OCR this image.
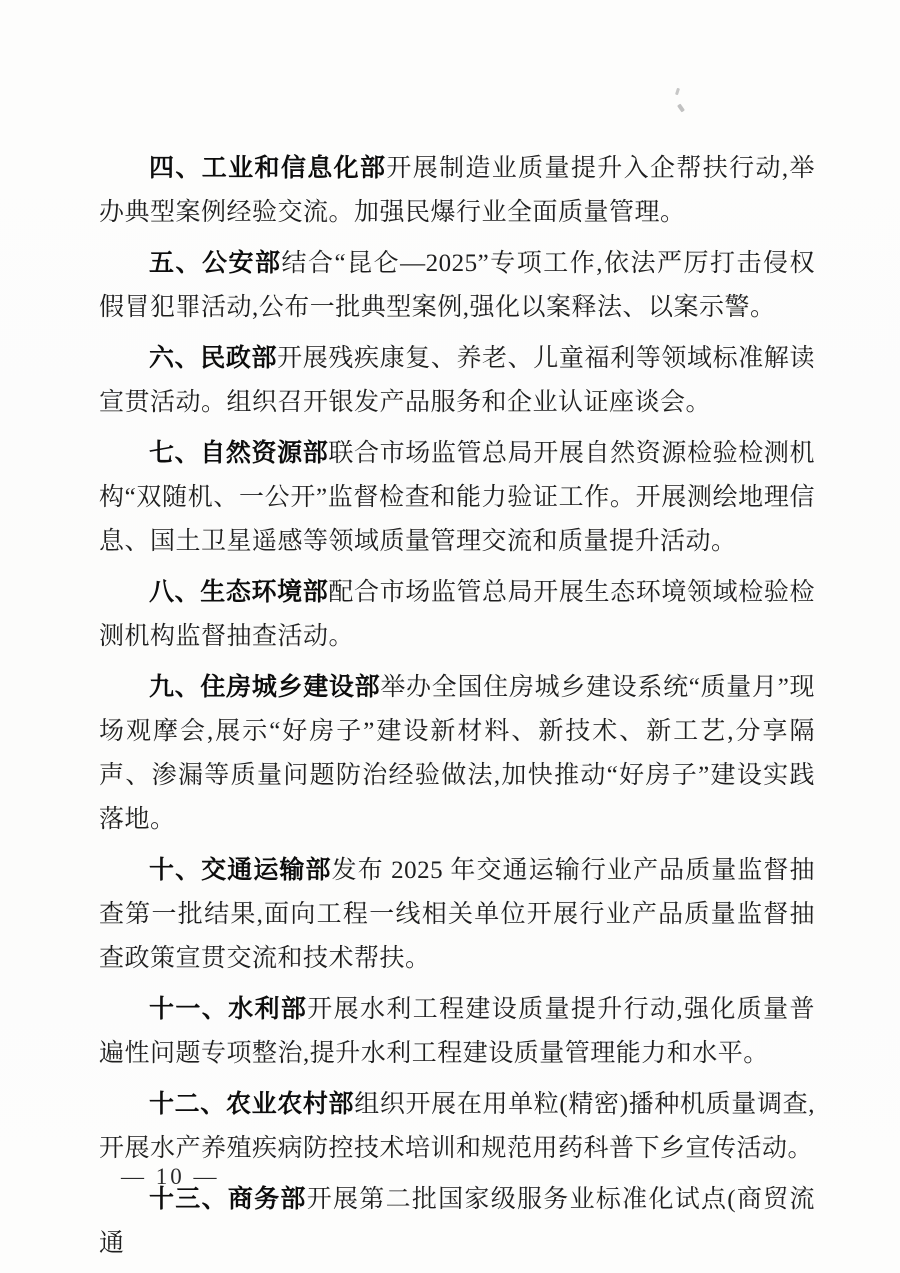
四、工业和信息化部开展制造业质量提升入企帮扶行动,举办典型案例经验交流。加强民爆行业全面质量管理。

五、公安部结合“昆仑—2025”专项工作,依法严厉打击侵权假冒犯罪活动,公布一批典型案例,强化以案释法、以案示警。

六、民政部开展残疾康复、养老、儿童福利等领域标准解读宣贯活动。组织召开银发产品服务和企业认证座谈会。

七、自然资源部联合市场监管总局开展自然资源检验检测机构“双随机、一公开”监督检查和能力验证工作。开展测绘地理信息、国土卫星遥感等领域质量管理交流和质量提升活动。

八、生态环境部配合市场监管总局开展生态环境领域检验检测机构监督抽查活动。

九、住房城乡建设部举办全国住房城乡建设系统“质量月”现场观摩会,展示“好房子”建设新材料、新技术、新工艺,分享隔声、渗漏等质量问题防治经验做法,加快推动“好房子”建设实践落地。

十、交通运输部发布 2025 年交通运输行业产品质量监督抽查第一批结果,面向工程一线相关单位开展行业产品质量监督抽查政策宣贯交流和技术帮扶。

十一、水利部开展水利工程建设质量提升行动,强化质量普遍性问题专项整治,提升水利工程建设质量管理能力和水平。

十二、农业农村部组织开展在用单粒(精密)播种机质量调查,开展水产养殖疾病防控技术培训和规范用药科普下乡宣传活动。

十三、商务部开展第二批国家级服务业标准化试点(商贸流通

— 10 —
